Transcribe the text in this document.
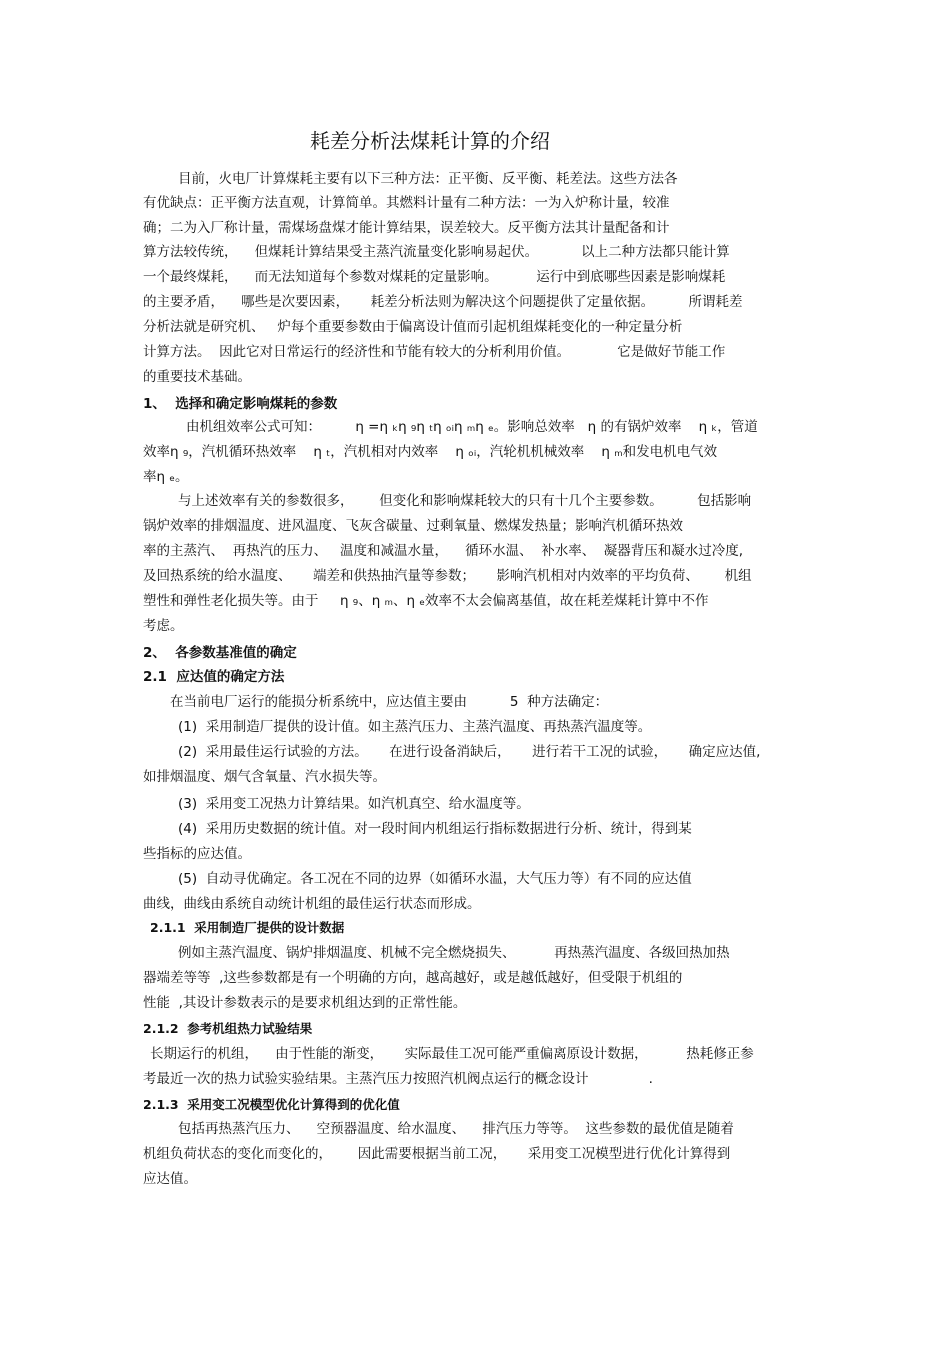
耗差分析法煤耗计算的介绍
目前，火电厂计算煤耗主要有以下三种方法：正平衡、反平衡、耗差法。这些方法各
有优缺点：正平衡方法直观，计算简单。其燃料计量有二种方法：一为入炉称计量，较准
确；二为入厂称计量，需煤场盘煤才能计算结果，误差较大。反平衡方法其计量配备和计
算方法较传统，    但煤耗计算结果受主蒸汽流量变化影响易起伏。          以上二种方法都只能计算
一个最终煤耗，    而无法知道每个参数对煤耗的定量影响。         运行中到底哪些因素是影响煤耗
的主要矛盾，    哪些是次要因素，     耗差分析法则为解决这个问题提供了定量依据。        所谓耗差
分析法就是研究机、   炉每个重要参数由于偏离设计值而引起机组煤耗变化的一种定量分析
计算方法。  因此它对日常运行的经济性和节能有较大的分析利用价值。           它是做好节能工作
的重要技术基础。
1、  选择和确定影响煤耗的参数
由机组效率公式可知：        η =η ₖη ₉η ₜη ₒᵢη ₘη ₑ。影响总效率   η 的有锅炉效率    η ₖ，管道
效率η ₉，汽机循环热效率    η ₜ，汽机相对内效率    η ₒᵢ，汽轮机机械效率    η ₘ和发电机电气效
率η ₑ。
与上述效率有关的参数很多，      但变化和影响煤耗较大的只有十几个主要参数。        包括影响
锅炉效率的排烟温度、进风温度、飞灰含碳量、过剩氧量、燃煤发热量；影响汽机循环热效
率的主蒸汽、  再热汽的压力、   温度和减温水量，    循环水温、  补水率、  凝器背压和凝水过冷度,
及回热系统的给水温度、     端差和供热抽汽量等参数；     影响汽机相对内效率的平均负荷、      机组
塑性和弹性老化损失等。由于     η ₉、η ₘ、η ₑ效率不太会偏离基值，故在耗差煤耗计算中不作
考虑。
2、  各参数基准值的确定
2.1  应达值的确定方法
在当前电厂运行的能损分析系统中，应达值主要由          5  种方法确定：
(1)  采用制造厂提供的设计值。如主蒸汽压力、主蒸汽温度、再热蒸汽温度等。
(2)  采用最佳运行试验的方法。     在进行设备消缺后，     进行若干工况的试验，     确定应达值,
如排烟温度、烟气含氧量、汽水损失等。
(3)  采用变工况热力计算结果。如汽机真空、给水温度等。
(4)  采用历史数据的统计值。对一段时间内机组运行指标数据进行分析、统计，得到某
些指标的应达值。
(5)  自动寻优确定。各工况在不同的边界（如循环水温，大气压力等）有不同的应达值
曲线，曲线由系统自动统计机组的最佳运行状态而形成。
2.1.1  采用制造厂提供的设计数据
例如主蒸汽温度、锅炉排烟温度、机械不完全燃烧损失、         再热蒸汽温度、各级回热加热
器端差等等  ,这些参数都是有一个明确的方向，越高越好，或是越低越好，但受限于机组的
性能  ,其设计参数表示的是要求机组达到的正常性能。
2.1.2  参考机组热力试验结果
长期运行的机组，    由于性能的渐变，     实际最佳工况可能严重偏离原设计数据，         热耗修正参
考最近一次的热力试验实验结果。主蒸汽压力按照汽机阀点运行的概念设计              .
2.1.3  采用变工况模型优化计算得到的优化值
包括再热蒸汽压力、    空预器温度、给水温度、    排汽压力等等。  这些参数的最优值是随着
机组负荷状态的变化而变化的，      因此需要根据当前工况，     采用变工况模型进行优化计算得到
应达值。
